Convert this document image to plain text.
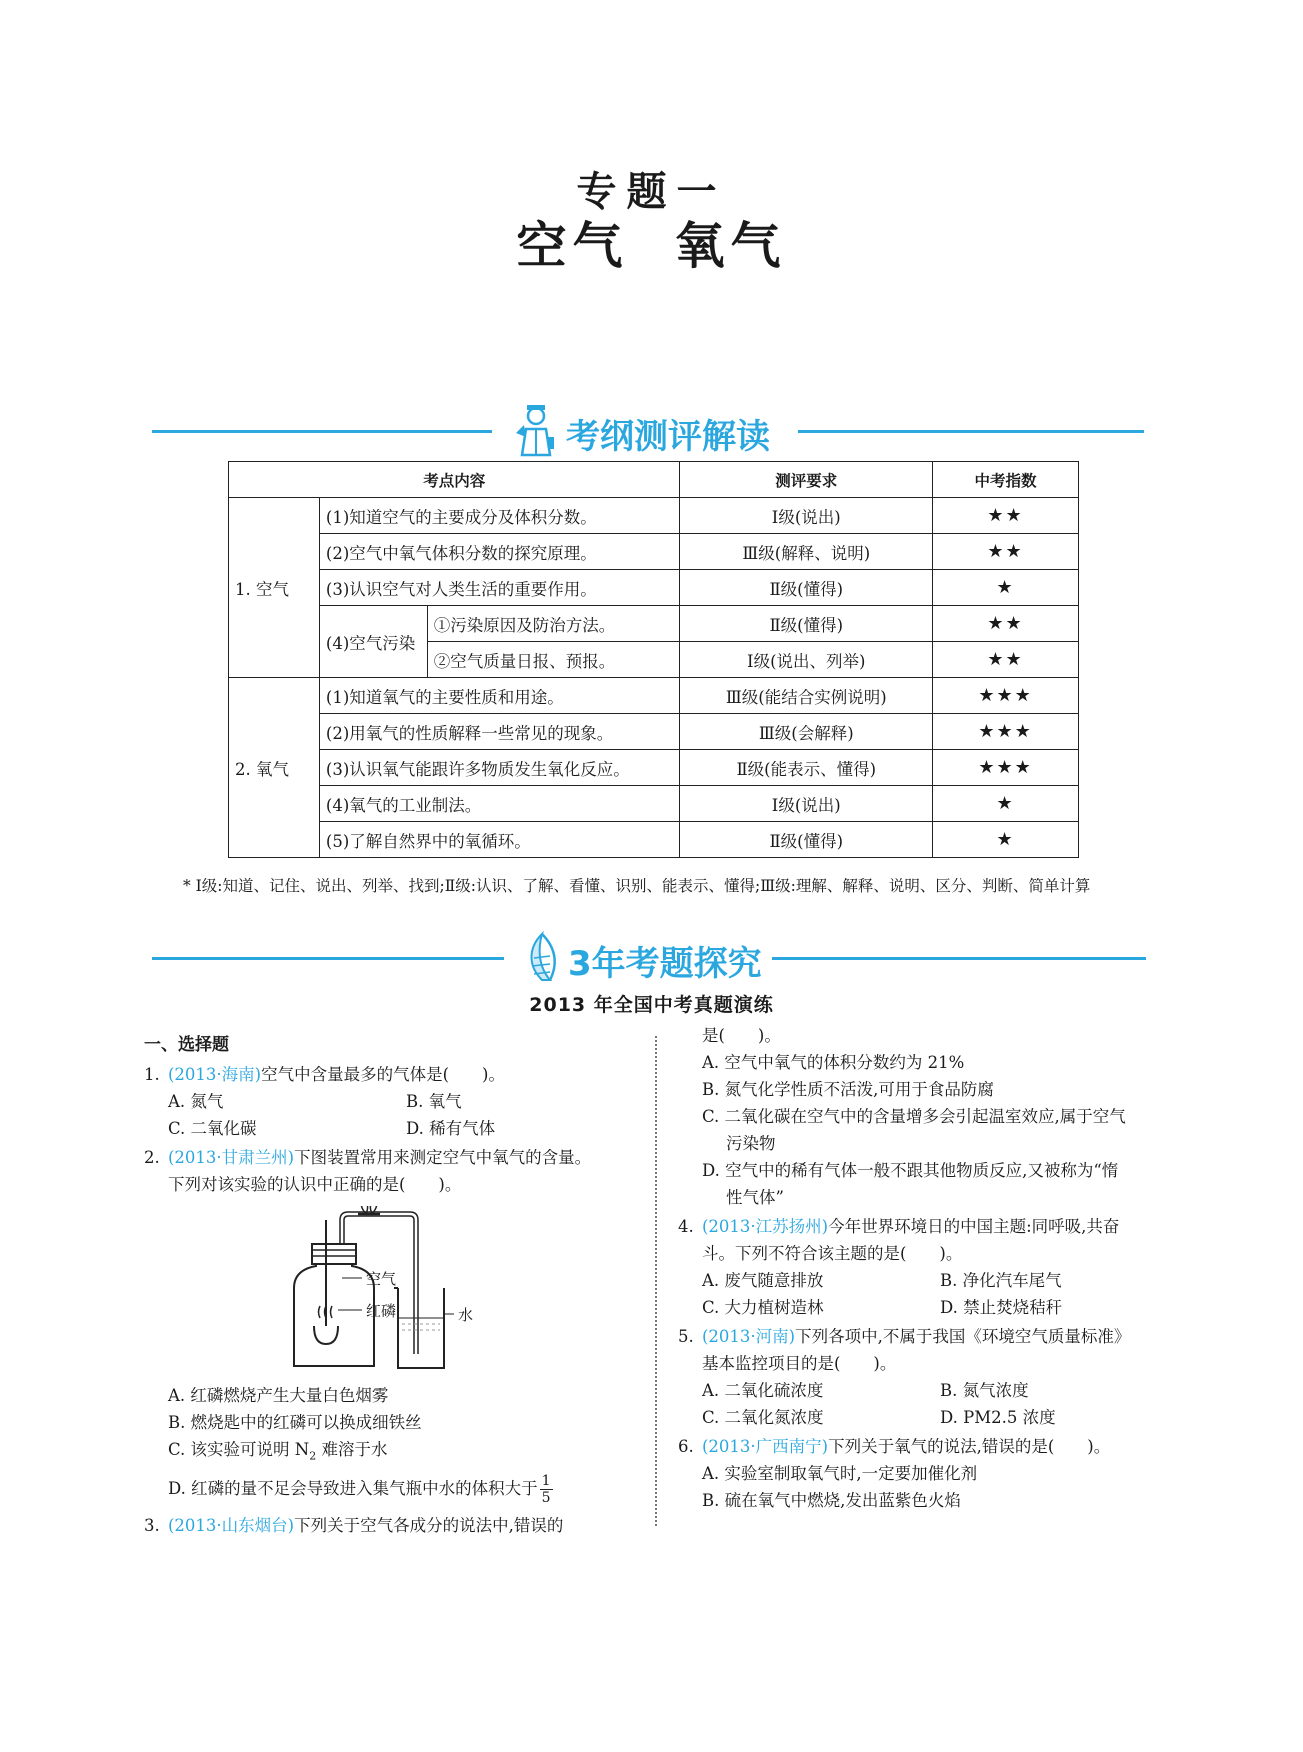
专题一
空气 氧气
考纲测评解读
考点内容			测评要求	中考指数
1. 空气	(1)知道空气的主要成分及体积分数。		Ⅰ级(说出)	★★
	(2)空气中氧气体积分数的探究原理。		Ⅲ级(解释、说明)	★★
	(3)认识空气对人类生活的重要作用。		Ⅱ级(懂得)	★
	(4)空气污染	①污染原因及防治方法。	Ⅱ级(懂得)	★★
		②空气质量日报、预报。	Ⅰ级(说出、列举)	★★
2. 氧气	(1)知道氧气的主要性质和用途。		Ⅲ级(能结合实例说明)	★★★
	(2)用氧气的性质解释一些常见的现象。		Ⅲ级(会解释)	★★★
	(3)认识氧气能跟许多物质发生氧化反应。		Ⅱ级(能表示、懂得)	★★★
	(4)氧气的工业制法。		Ⅰ级(说出)	★
	(5)了解自然界中的氧循环。		Ⅱ级(懂得)	★
* Ⅰ级:知道、记住、说出、列举、找到;Ⅱ级:认识、了解、看懂、识别、能表示、懂得;Ⅲ级:理解、解释、说明、区分、判断、简单计算
3年考题探究
2013 年全国中考真题演练
一、选择题
1. (2013·海南)空气中含量最多的气体是(　　)。
A. 氮气	B. 氧气
C. 二氧化碳	D. 稀有气体
2. (2013·甘肃兰州)下图装置常用来测定空气中氧气的含量。
下列对该实验的认识中正确的是(　　)。
空气
红磷	水
A. 红磷燃烧产生大量白色烟雾
B. 燃烧匙中的红磷可以换成细铁丝
C. 该实验可说明 $N_2$ 难溶于水
D. 红磷的量不足会导致进入集气瓶中水的体积大于 $\frac{1}{5}$
3. (2013·山东烟台)下列关于空气各成分的说法中,错误的
是(　　)。
A. 空气中氧气的体积分数约为 21%
B. 氮气化学性质不活泼,可用于食品防腐
C. 二氧化碳在空气中的含量增多会引起温室效应,属于空气
污染物
D. 空气中的稀有气体一般不跟其他物质反应,又被称为“惰
性气体”
4. (2013·江苏扬州)今年世界环境日的中国主题:同呼吸,共奋
斗。下列不符合该主题的是(　　)。
A. 废气随意排放	B. 净化汽车尾气
C. 大力植树造林	D. 禁止焚烧秸秆
5. (2013·河南)下列各项中,不属于我国《环境空气质量标准》
基本监控项目的是(　　)。
A. 二氧化硫浓度	B. 氮气浓度
C. 二氧化氮浓度	D. PM2.5 浓度
6. (2013·广西南宁)下列关于氧气的说法,错误的是(　　)。
A. 实验室制取氧气时,一定要加催化剂
B. 硫在氧气中燃烧,发出蓝紫色火焰
